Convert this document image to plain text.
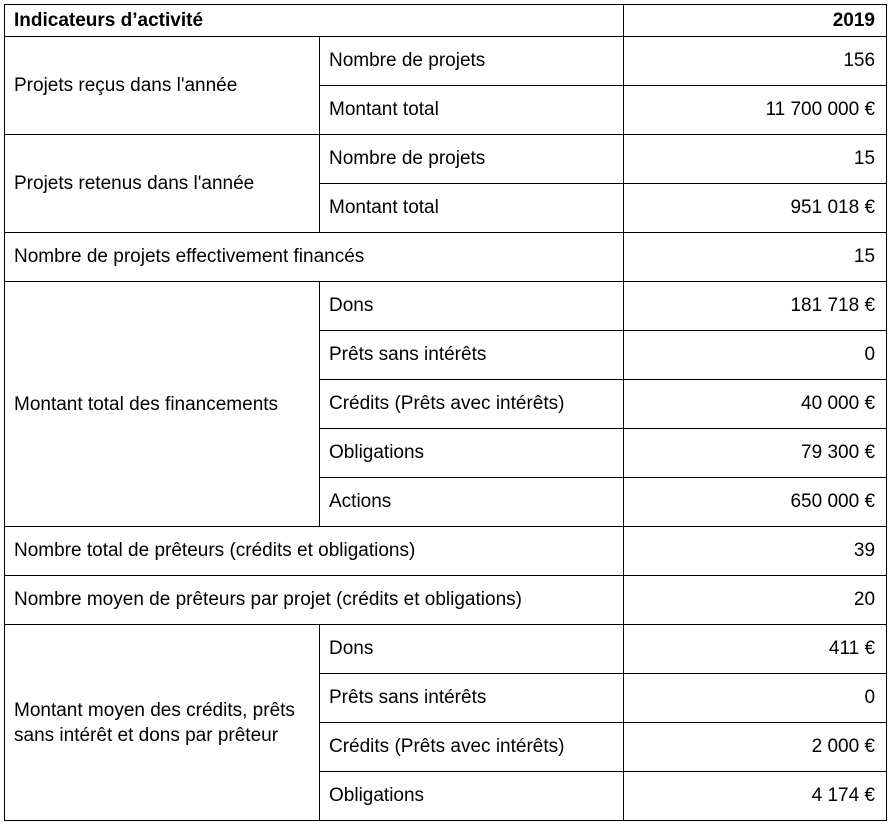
Indicateurs d’activité		2019
Projets reçus dans l'année	Nombre de projets	156
	Montant total	11 700 000 €
Projets retenus dans l'année	Nombre de projets	15
	Montant total	951 018 €
Nombre de projets effectivement financés		15
Montant total des financements	Dons	181 718 €
	Prêts sans intérêts	0
	Crédits (Prêts avec intérêts)	40 000 €
	Obligations	79 300 €
	Actions	650 000 €
Nombre total de prêteurs (crédits et obligations)		39
Nombre moyen de prêteurs par projet (crédits et obligations)		20
Montant moyen des crédits, prêts sans intérêt et dons par prêteur	Dons	411 €
	Prêts sans intérêts	0
	Crédits (Prêts avec intérêts)	2 000 €
	Obligations	4 174 €
